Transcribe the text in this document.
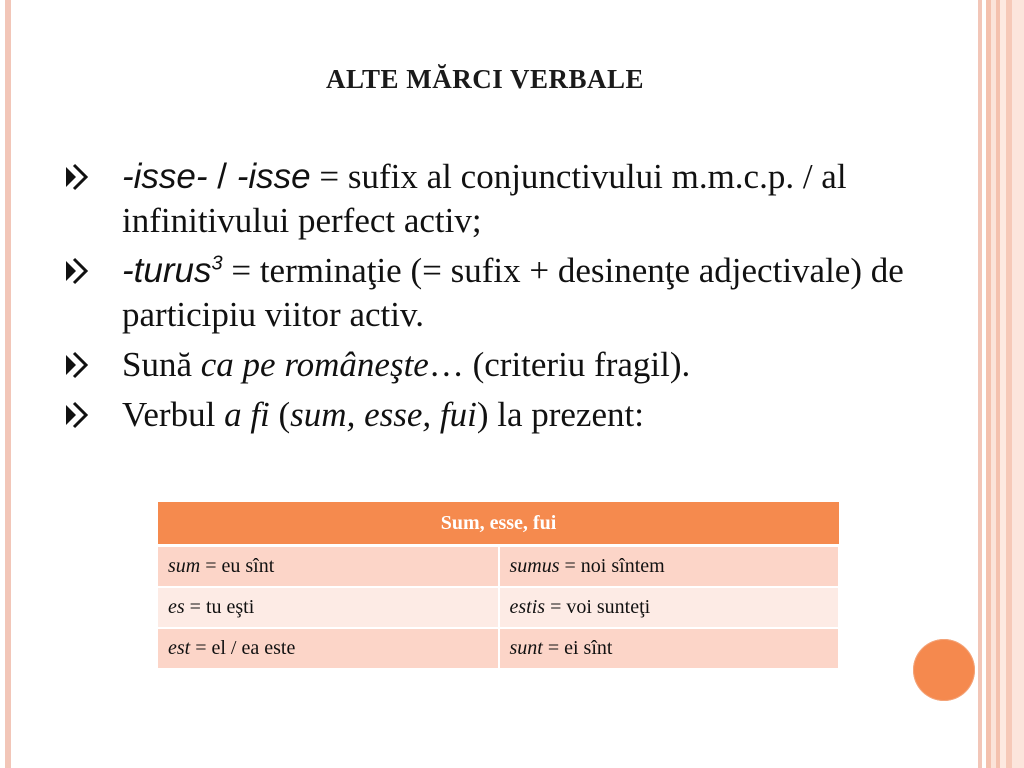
ALTE MĂRCI VERBALE
-isse- / -isse = sufix al conjunctivului m.m.c.p. / al infinitivului perfect activ;
-turus$^3$ = terminaţie (= sufix + desinenţe adjectivale) de participiu viitor activ.
Sună ca pe româneşte… (criteriu fragil).
Verbul a fi (sum, esse, fui) la prezent:
Sum, esse, fui	
sum = eu sînt	sumus = noi sîntem
es = tu eşti	estis = voi sunteţi
est = el / ea este	sunt = ei sînt
